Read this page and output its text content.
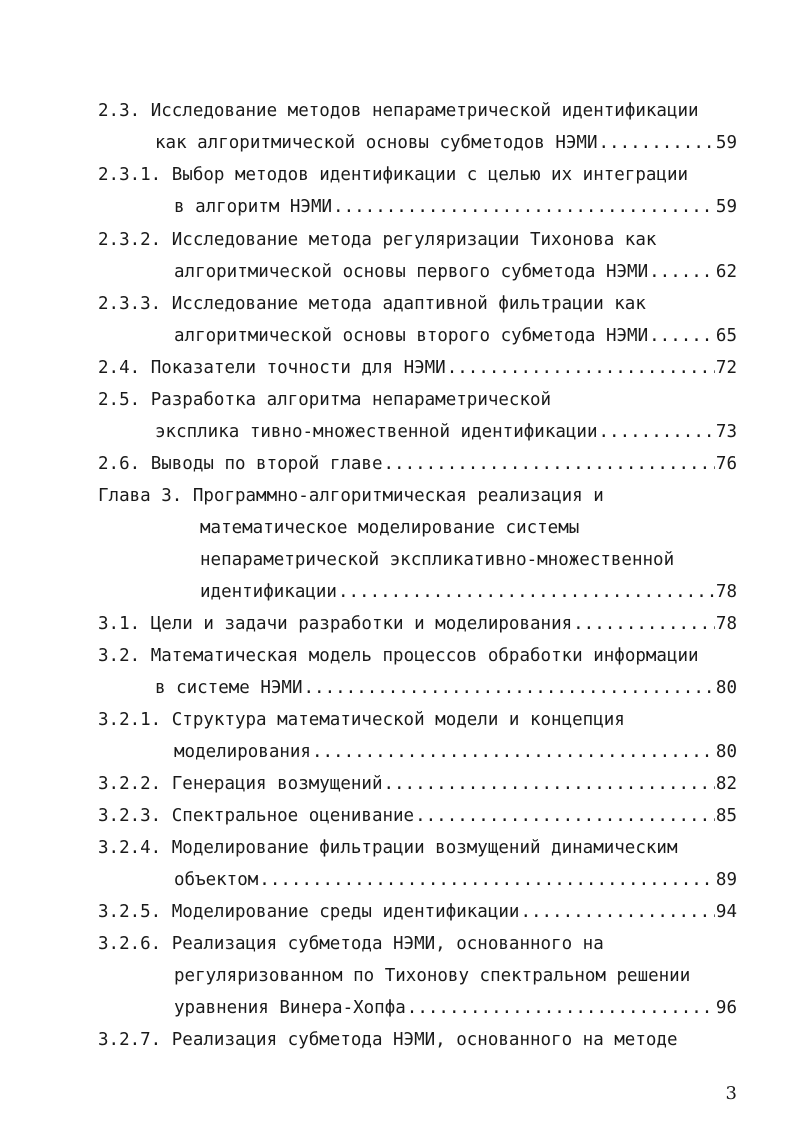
2.3. Исследование методов непараметрической идентификации
как алгоритмической основы субметодов НЭМИ .....	59
2.3.1. Выбор методов идентификации с целью их интеграции
в алгоритм НЭМИ .....	59
2.3.2. Исследование метода регуляризации Тихонова как
алгоритмической основы первого субметода НЭМИ .....	62
2.3.3. Исследование метода адаптивной фильтрации как
алгоритмической основы второго субметода НЭМИ .....	65
2.4.
Показатели точности для НЭМИ .....	72
2.5. Разработка алгоритма непараметрической
эксплика тивно-множественной идентификации .....	73
2.6.
Выводы по второй главе .....	76
Глава 3. Программно-алгоритмическая реализация и
математическое моделирование системы
непараметрической экспликативно-множественной
идентификации .....	78
3.1.
Цели и задачи разработки и моделирования .....	78
3.2. Математическая модель процессов обработки информации
в системе НЭМИ .....	80
3.2.1. Структура математической модели и концепция
моделирования .....	80
3.2.2.
Генерация возмущений .....	82
3.2.3.
Спектральное оценивание .....	85
3.2.4. Моделирование фильтрации возмущений динамическим
объектом .....	89
3.2.5.
Моделирование среды идентификации .....	94
3.2.6. Реализация субметода НЭМИ, основанного на
регуляризованном по Тихонову спектральном решении
уравнения Винера-Хопфа .....	96
3.2.7. Реализация субметода НЭМИ, основанного на методе
3
